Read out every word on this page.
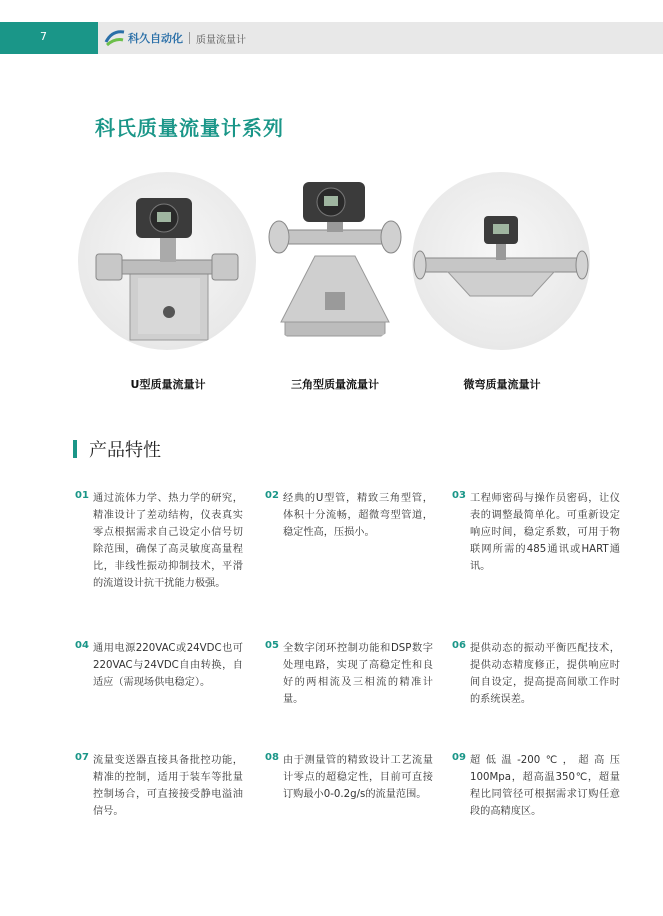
7	科久自动化 质量流量计
科氏质量流量计系列
U型质量流量计	三角型质量流量计	微弯质量流量计
产品特性
01 通过流体力学、热力学的研究，精准设计了差动结构，仪表真实零点根据需求自己设定小信号切除范围，确保了高灵敏度高量程比，非线性振动抑制技术，平滑的流道设计抗干扰能力极强。
02 经典的U型管，精致三角型管，体积十分流畅，超微弯型管道，稳定性高，压损小。
03 工程师密码与操作员密码，让仪表的调整最简单化。可重新设定响应时间，稳定系数，可用于物联网所需的485通讯或HART通讯。
04 通用电源220VAC或24VDC也可220VAC与24VDC自由转换，自适应（需现场供电稳定）。
05 全数字闭环控制功能和DSP数字处理电路，实现了高稳定性和良好的两相流及三相流的精准计量。
06 提供动态的振动平衡匹配技术，提供动态精度修正，提供响应时间自设定，提高提高间歇工作时的系统误差。
07 流量变送器直接具备批控功能，精准的控制，适用于装车等批量控制场合，可直接接受静电溢油信号。
08 由于测量管的精致设计工艺流量计零点的超稳定性，目前可直接订购最小0-0.2g/s的流量范围。
09 超低温-200℃，超高压100Mpa，超高温350℃，超量程比同管径可根据需求订购任意段的高精度区。
